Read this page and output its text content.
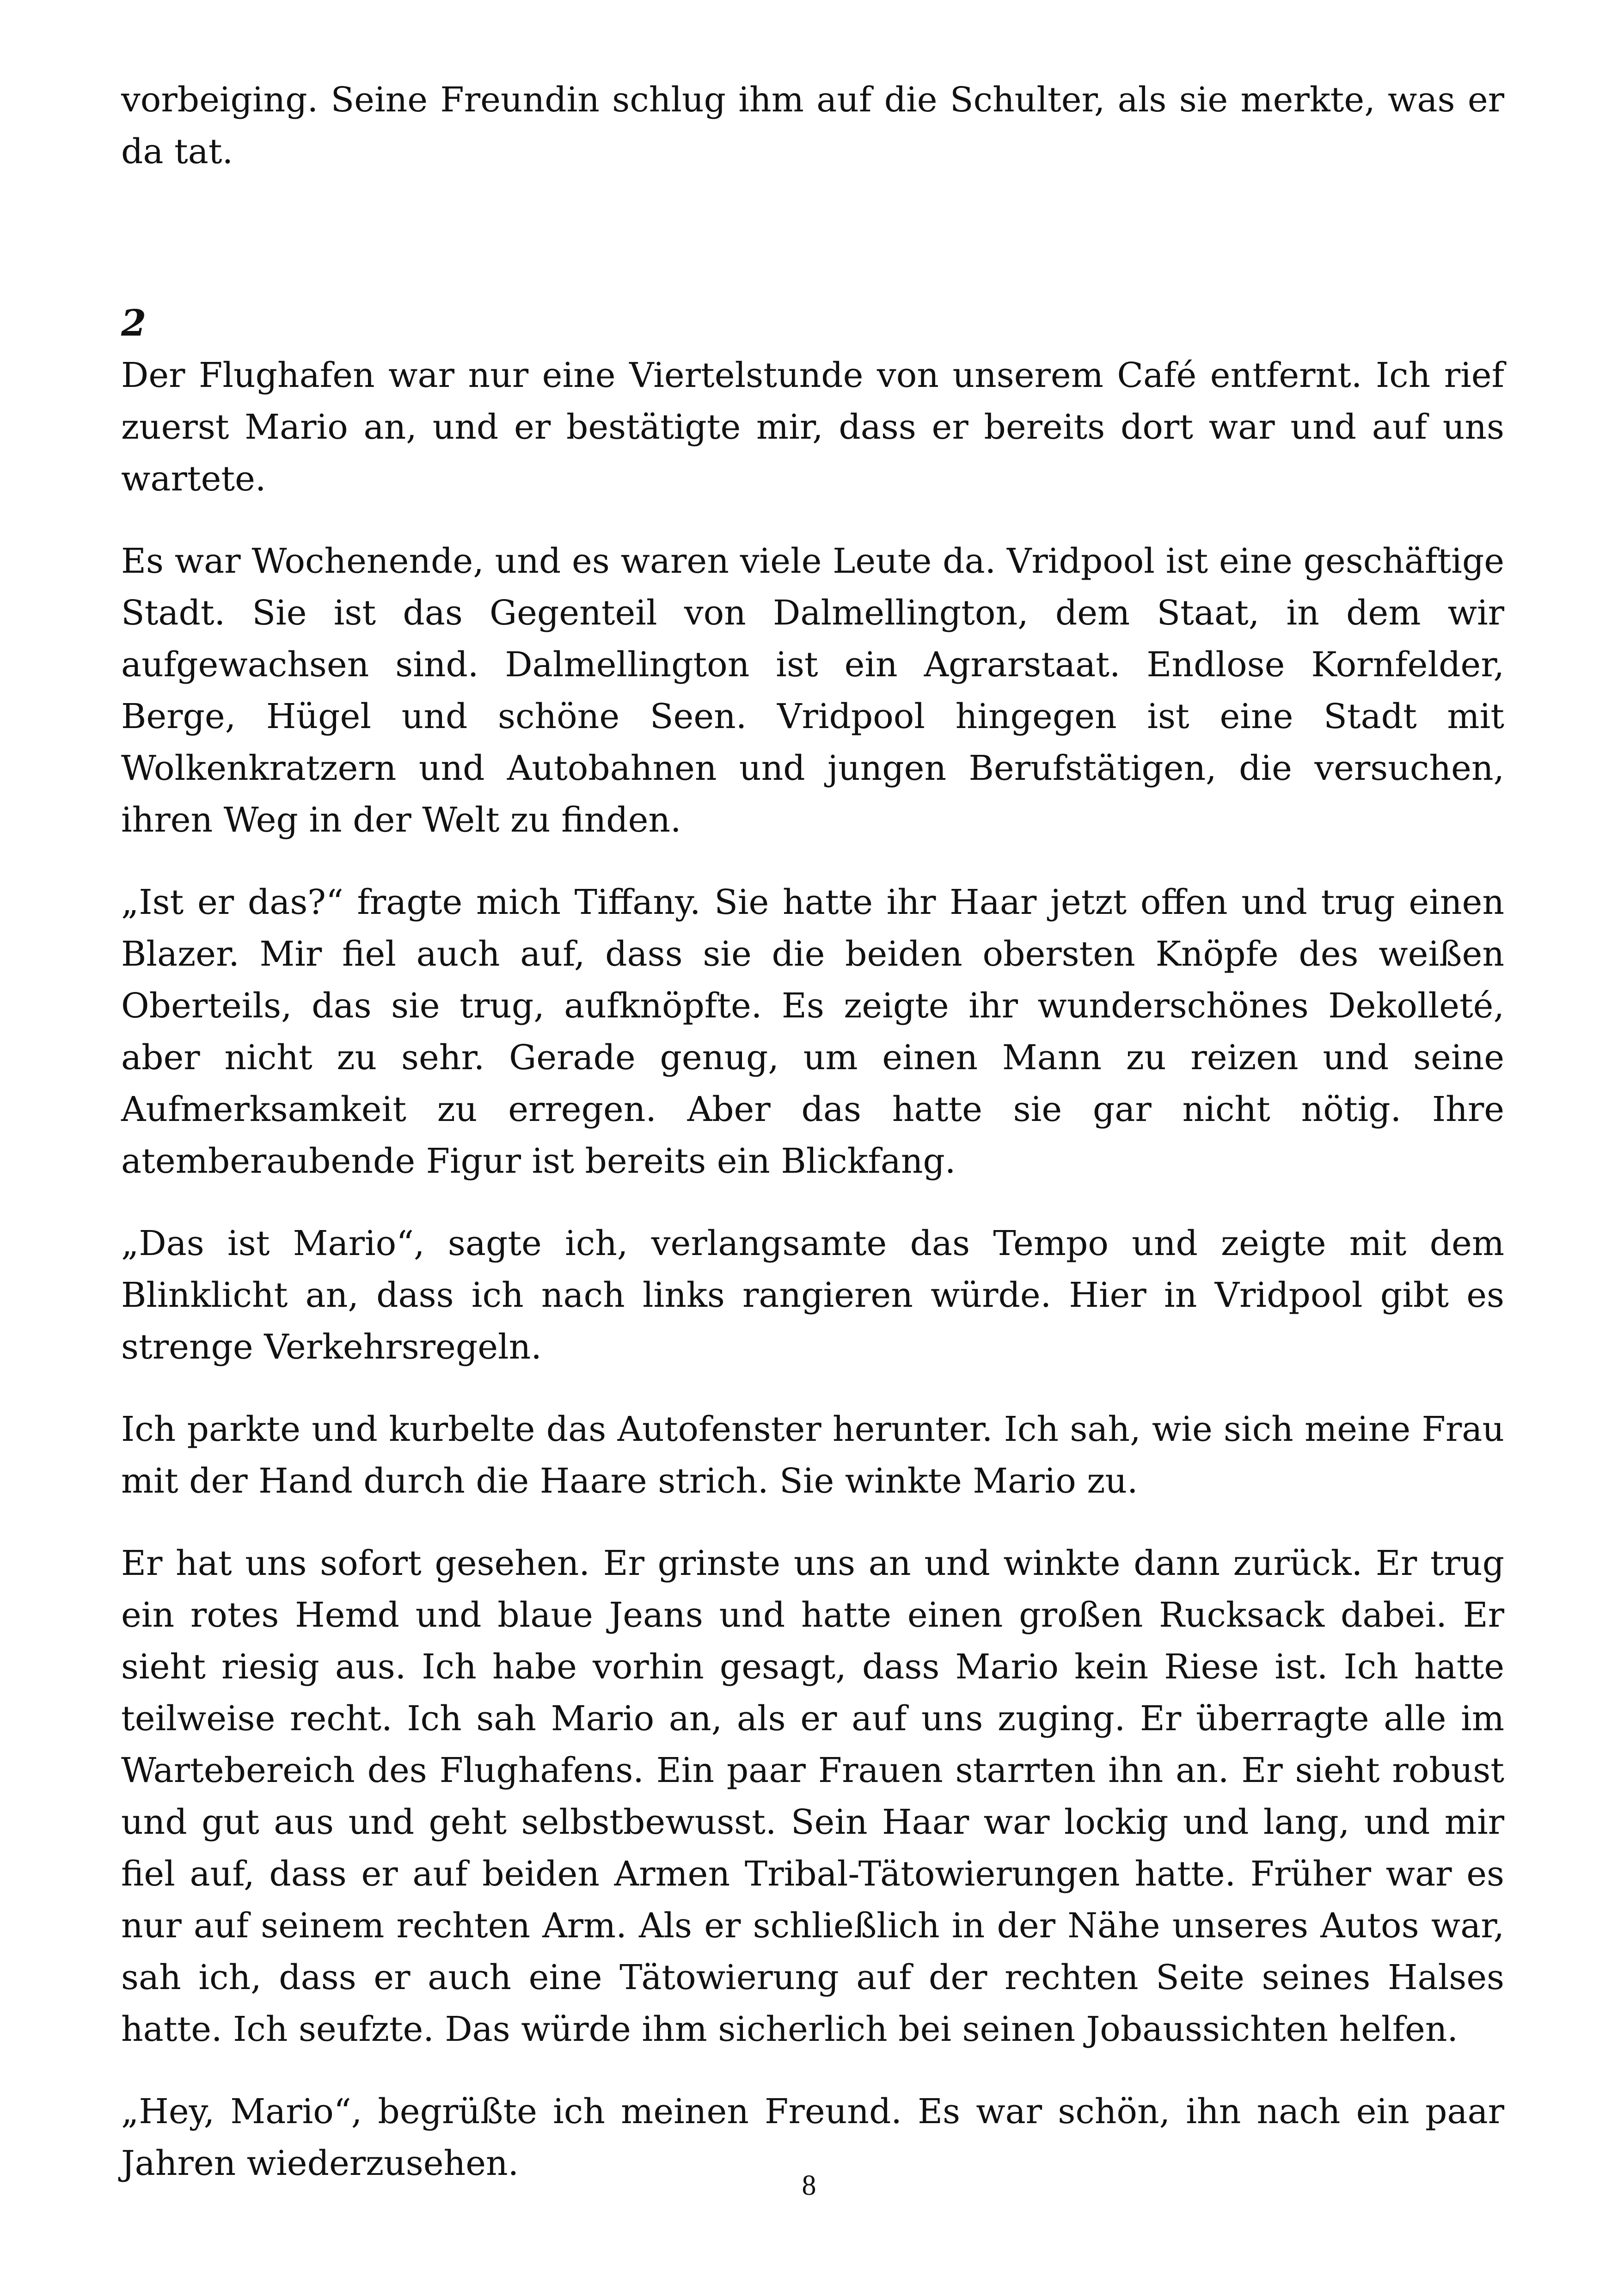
vorbeiging. Seine Freundin schlug ihm auf die Schulter, als sie merkte, was er da tat.

2

Der Flughafen war nur eine Viertelstunde von unserem Café entfernt. Ich rief zuerst Mario an, und er bestätigte mir, dass er bereits dort war und auf uns wartete.

Es war Wochenende, und es waren viele Leute da. Vridpool ist eine geschäftige Stadt. Sie ist das Gegenteil von Dalmellington, dem Staat, in dem wir aufgewachsen sind. Dalmellington ist ein Agrarstaat. Endlose Kornfelder, Berge, Hügel und schöne Seen. Vridpool hingegen ist eine Stadt mit Wolkenkratzern und Autobahnen und jungen Berufstätigen, die versuchen, ihren Weg in der Welt zu finden.

„Ist er das?“ fragte mich Tiffany. Sie hatte ihr Haar jetzt offen und trug einen Blazer. Mir fiel auch auf, dass sie die beiden obersten Knöpfe des weißen Oberteils, das sie trug, aufknöpfte. Es zeigte ihr wunderschönes Dekolleté, aber nicht zu sehr. Gerade genug, um einen Mann zu reizen und seine Aufmerksamkeit zu erregen. Aber das hatte sie gar nicht nötig. Ihre atemberaubende Figur ist bereits ein Blickfang.

„Das ist Mario“, sagte ich, verlangsamte das Tempo und zeigte mit dem Blinklicht an, dass ich nach links rangieren würde. Hier in Vridpool gibt es strenge Verkehrsregeln.

Ich parkte und kurbelte das Autofenster herunter. Ich sah, wie sich meine Frau mit der Hand durch die Haare strich. Sie winkte Mario zu.

Er hat uns sofort gesehen. Er grinste uns an und winkte dann zurück. Er trug ein rotes Hemd und blaue Jeans und hatte einen großen Rucksack dabei. Er sieht riesig aus. Ich habe vorhin gesagt, dass Mario kein Riese ist. Ich hatte teilweise recht. Ich sah Mario an, als er auf uns zuging. Er überragte alle im Wartebereich des Flughafens. Ein paar Frauen starrten ihn an. Er sieht robust und gut aus und geht selbstbewusst. Sein Haar war lockig und lang, und mir fiel auf, dass er auf beiden Armen Tribal-Tätowierungen hatte. Früher war es nur auf seinem rechten Arm. Als er schließlich in der Nähe unseres Autos war, sah ich, dass er auch eine Tätowierung auf der rechten Seite seines Halses hatte. Ich seufzte. Das würde ihm sicherlich bei seinen Jobaussichten helfen.

„Hey, Mario“, begrüßte ich meinen Freund. Es war schön, ihn nach ein paar Jahren wiederzusehen.

8
